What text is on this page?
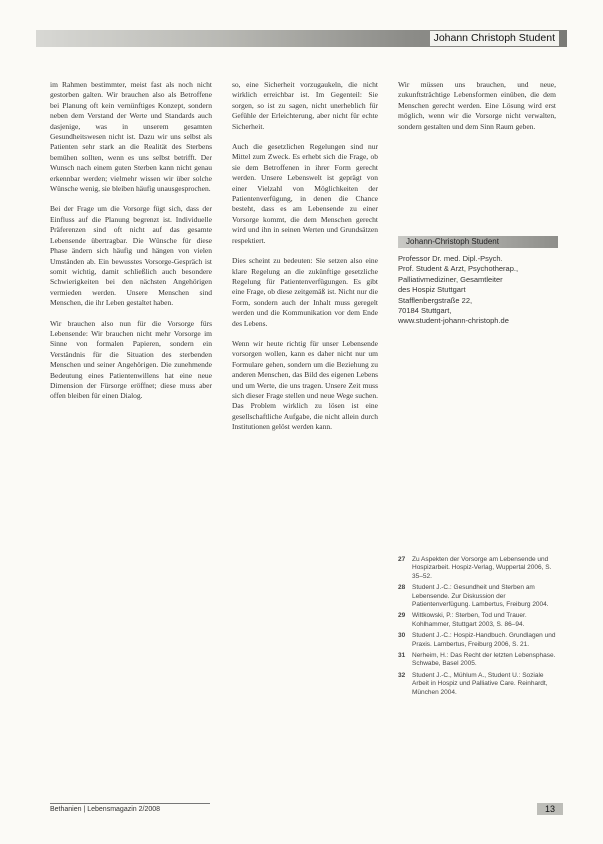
Johann Christoph Student

im Rahmen bestimmter, meist fast als noch nicht gestorben galten. Wir brauchen also als Betroffene bei Planung oft kein vernünftiges Konzept, sondern neben dem Verstand der Werte und Standards auch dasjenige, was in unserem gesamten Gesundheitswesen nicht ist. Dazu wir uns selbst als Patienten sehr stark an die Realität des Sterbens bemühen sollten, wenn es uns selbst betrifft. Der Wunsch nach einem guten Sterben kann nicht genau erkennbar werden; vielmehr wissen wir über solche Wünsche wenig, sie bleiben häufig unausgesprochen.

Bei der Frage um die Vorsorge fügt sich, dass der Einfluss auf die Planung begrenzt ist. Individuelle Präferenzen sind oft nicht auf das gesamte Lebensende übertragbar. Die Wünsche für diese Phase ändern sich häufig und hängen von vielen Umständen ab. Ein bewusstes Vorsorge-Gespräch ist somit wichtig, damit schließlich auch besondere Schwierigkeiten bei den nächsten Angehörigen vermieden werden. Unsere Menschen sind Menschen, die ihr Leben gestaltet haben.

Wir brauchen also nun für die Vorsorge fürs Lebensende: Wir brauchen nicht mehr Vorsorge im Sinne von formalen Papieren, sondern ein Verständnis für die Situation des sterbenden Menschen und seiner Angehörigen. Die zunehmende Bedeutung eines Patientenwillens hat eine neue Dimension der Fürsorge eröffnet; diese muss aber offen bleiben für einen Dialog.

so, eine Sicherheit vorzugaukeln, die nicht wirklich erreichbar ist. Im Gegenteil: Sie sorgen, so ist zu sagen, nicht unerheblich für Gefühle der Erleichterung, aber nicht für echte Sicherheit.

Auch die gesetzlichen Regelungen sind nur Mittel zum Zweck. Es erhebt sich die Frage, ob sie dem Betroffenen in ihrer Form gerecht werden. Unsere Lebenswelt ist geprägt von einer Vielzahl von Möglichkeiten der Patientenverfügung, in denen die Chance besteht, dass es am Lebensende zu einer Vorsorge kommt, die dem Menschen gerecht wird und ihn in seinen Werten und Grundsätzen respektiert.

Dies scheint zu bedeuten: Sie setzen also eine klare Regelung an die zukünftige gesetzliche Regelung für Patientenverfügungen. Es gibt eine Frage, ob diese zeitgemäß ist. Nicht nur die Form, sondern auch der Inhalt muss geregelt werden und die Kommunikation vor dem Ende des Lebens.

Wenn wir heute richtig für unser Lebensende vorsorgen wollen, kann es daher nicht nur um Formulare gehen, sondern um die Beziehung zu anderen Menschen, das Bild des eigenen Lebens und um Werte, die uns tragen. Unsere Zeit muss sich dieser Frage stellen und neue Wege suchen. Das Problem wirklich zu lösen ist eine gesellschaftliche Aufgabe, die nicht allein durch Institutionen gelöst werden kann.

Wir müssen uns brauchen, und neue, zukunftsträchtige Lebensformen einüben, die dem Menschen gerecht werden. Eine Lösung wird erst möglich, wenn wir die Vorsorge nicht verwalten, sondern gestalten und dem Sinn Raum geben.

Johann-Christoph Student
Professor Dr. med. Dipl.-Psych.
Prof. Student & Arzt, Psychotherap.,
Palliativmediziner, Gesamtleiter
des Hospiz Stuttgart
Stafflenbergstraße 22,
70184 Stuttgart,
www.student-johann-christoph.de
27	Zu Aspekten der Vorsorge am Lebensende und Hospizarbeit. Hospiz-Verlag, Wuppertal 2006, S. 35–52.
28	Student J.-C.: Gesundheit und Sterben am Lebensende. Zur Diskussion der Patientenverfügung. Lambertus, Freiburg 2004.
29	Wittkowski, P.: Sterben, Tod und Trauer. Kohlhammer, Stuttgart 2003, S. 86–94.
30	Student J.-C.: Hospiz-Handbuch. Grundlagen und Praxis. Lambertus, Freiburg 2006, S. 21.
31	Nerheim, H.: Das Recht der letzten Lebensphase. Schwabe, Basel 2005.
32	Student J.-C., Mühlum A., Student U.: Soziale Arbeit in Hospiz und Palliative Care. Reinhardt, München 2004.
Bethanien | Lebensmagazin 2/2008	13
